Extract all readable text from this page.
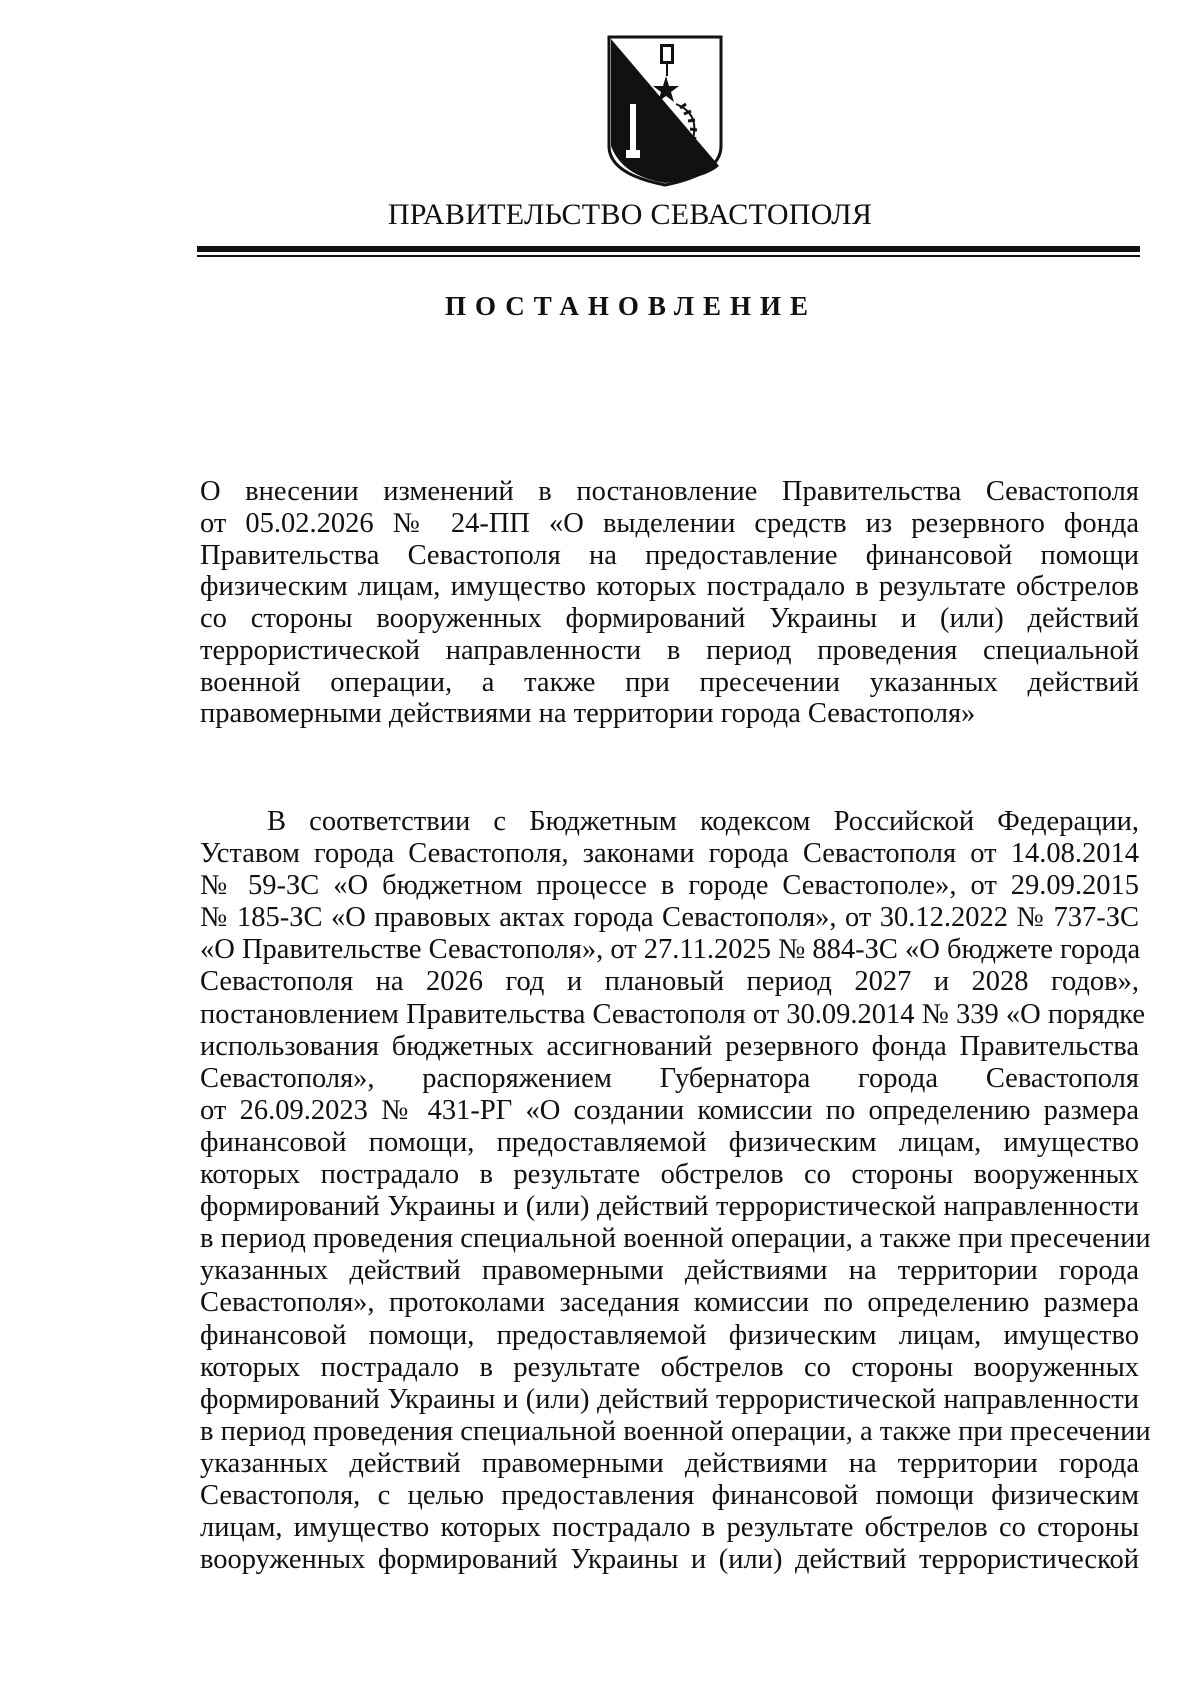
ПРАВИТЕЛЬСТВО СЕВАСТОПОЛЯ
ПОСТАНОВЛЕНИЕ
О внесении изменений в постановление Правительства Севастополя
от 05.02.2026 № 24-ПП «О выделении средств из резервного фонда
Правительства Севастополя на предоставление финансовой помощи
физическим лицам, имущество которых пострадало в результате обстрелов
со стороны вооруженных формирований Украины и (или) действий
террористической направленности в период проведения специальной
военной операции, а также при пресечении указанных действий
правомерными действиями на территории города Севастополя»
В соответствии с Бюджетным кодексом Российской Федерации,
Уставом города Севастополя, законами города Севастополя от 14.08.2014
№ 59-ЗС «О бюджетном процессе в городе Севастополе», от 29.09.2015
№ 185-ЗС «О правовых актах города Севастополя», от 30.12.2022 № 737-ЗС
«О Правительстве Севастополя», от 27.11.2025 № 884-ЗС «О бюджете города
Севастополя на 2026 год и плановый период 2027 и 2028 годов»,
постановлением Правительства Севастополя от 30.09.2014 № 339 «О порядке
использования бюджетных ассигнований резервного фонда Правительства
Севастополя», распоряжением Губернатора города Севастополя
от 26.09.2023 № 431-РГ «О создании комиссии по определению размера
финансовой помощи, предоставляемой физическим лицам, имущество
которых пострадало в результате обстрелов со стороны вооруженных
формирований Украины и (или) действий террористической направленности
в период проведения специальной военной операции, а также при пресечении
указанных действий правомерными действиями на территории города
Севастополя», протоколами заседания комиссии по определению размера
финансовой помощи, предоставляемой физическим лицам, имущество
которых пострадало в результате обстрелов со стороны вооруженных
формирований Украины и (или) действий террористической направленности
в период проведения специальной военной операции, а также при пресечении
указанных действий правомерными действиями на территории города
Севастополя, с целью предоставления финансовой помощи физическим
лицам, имущество которых пострадало в результате обстрелов со стороны
вооруженных формирований Украины и (или) действий террористической
